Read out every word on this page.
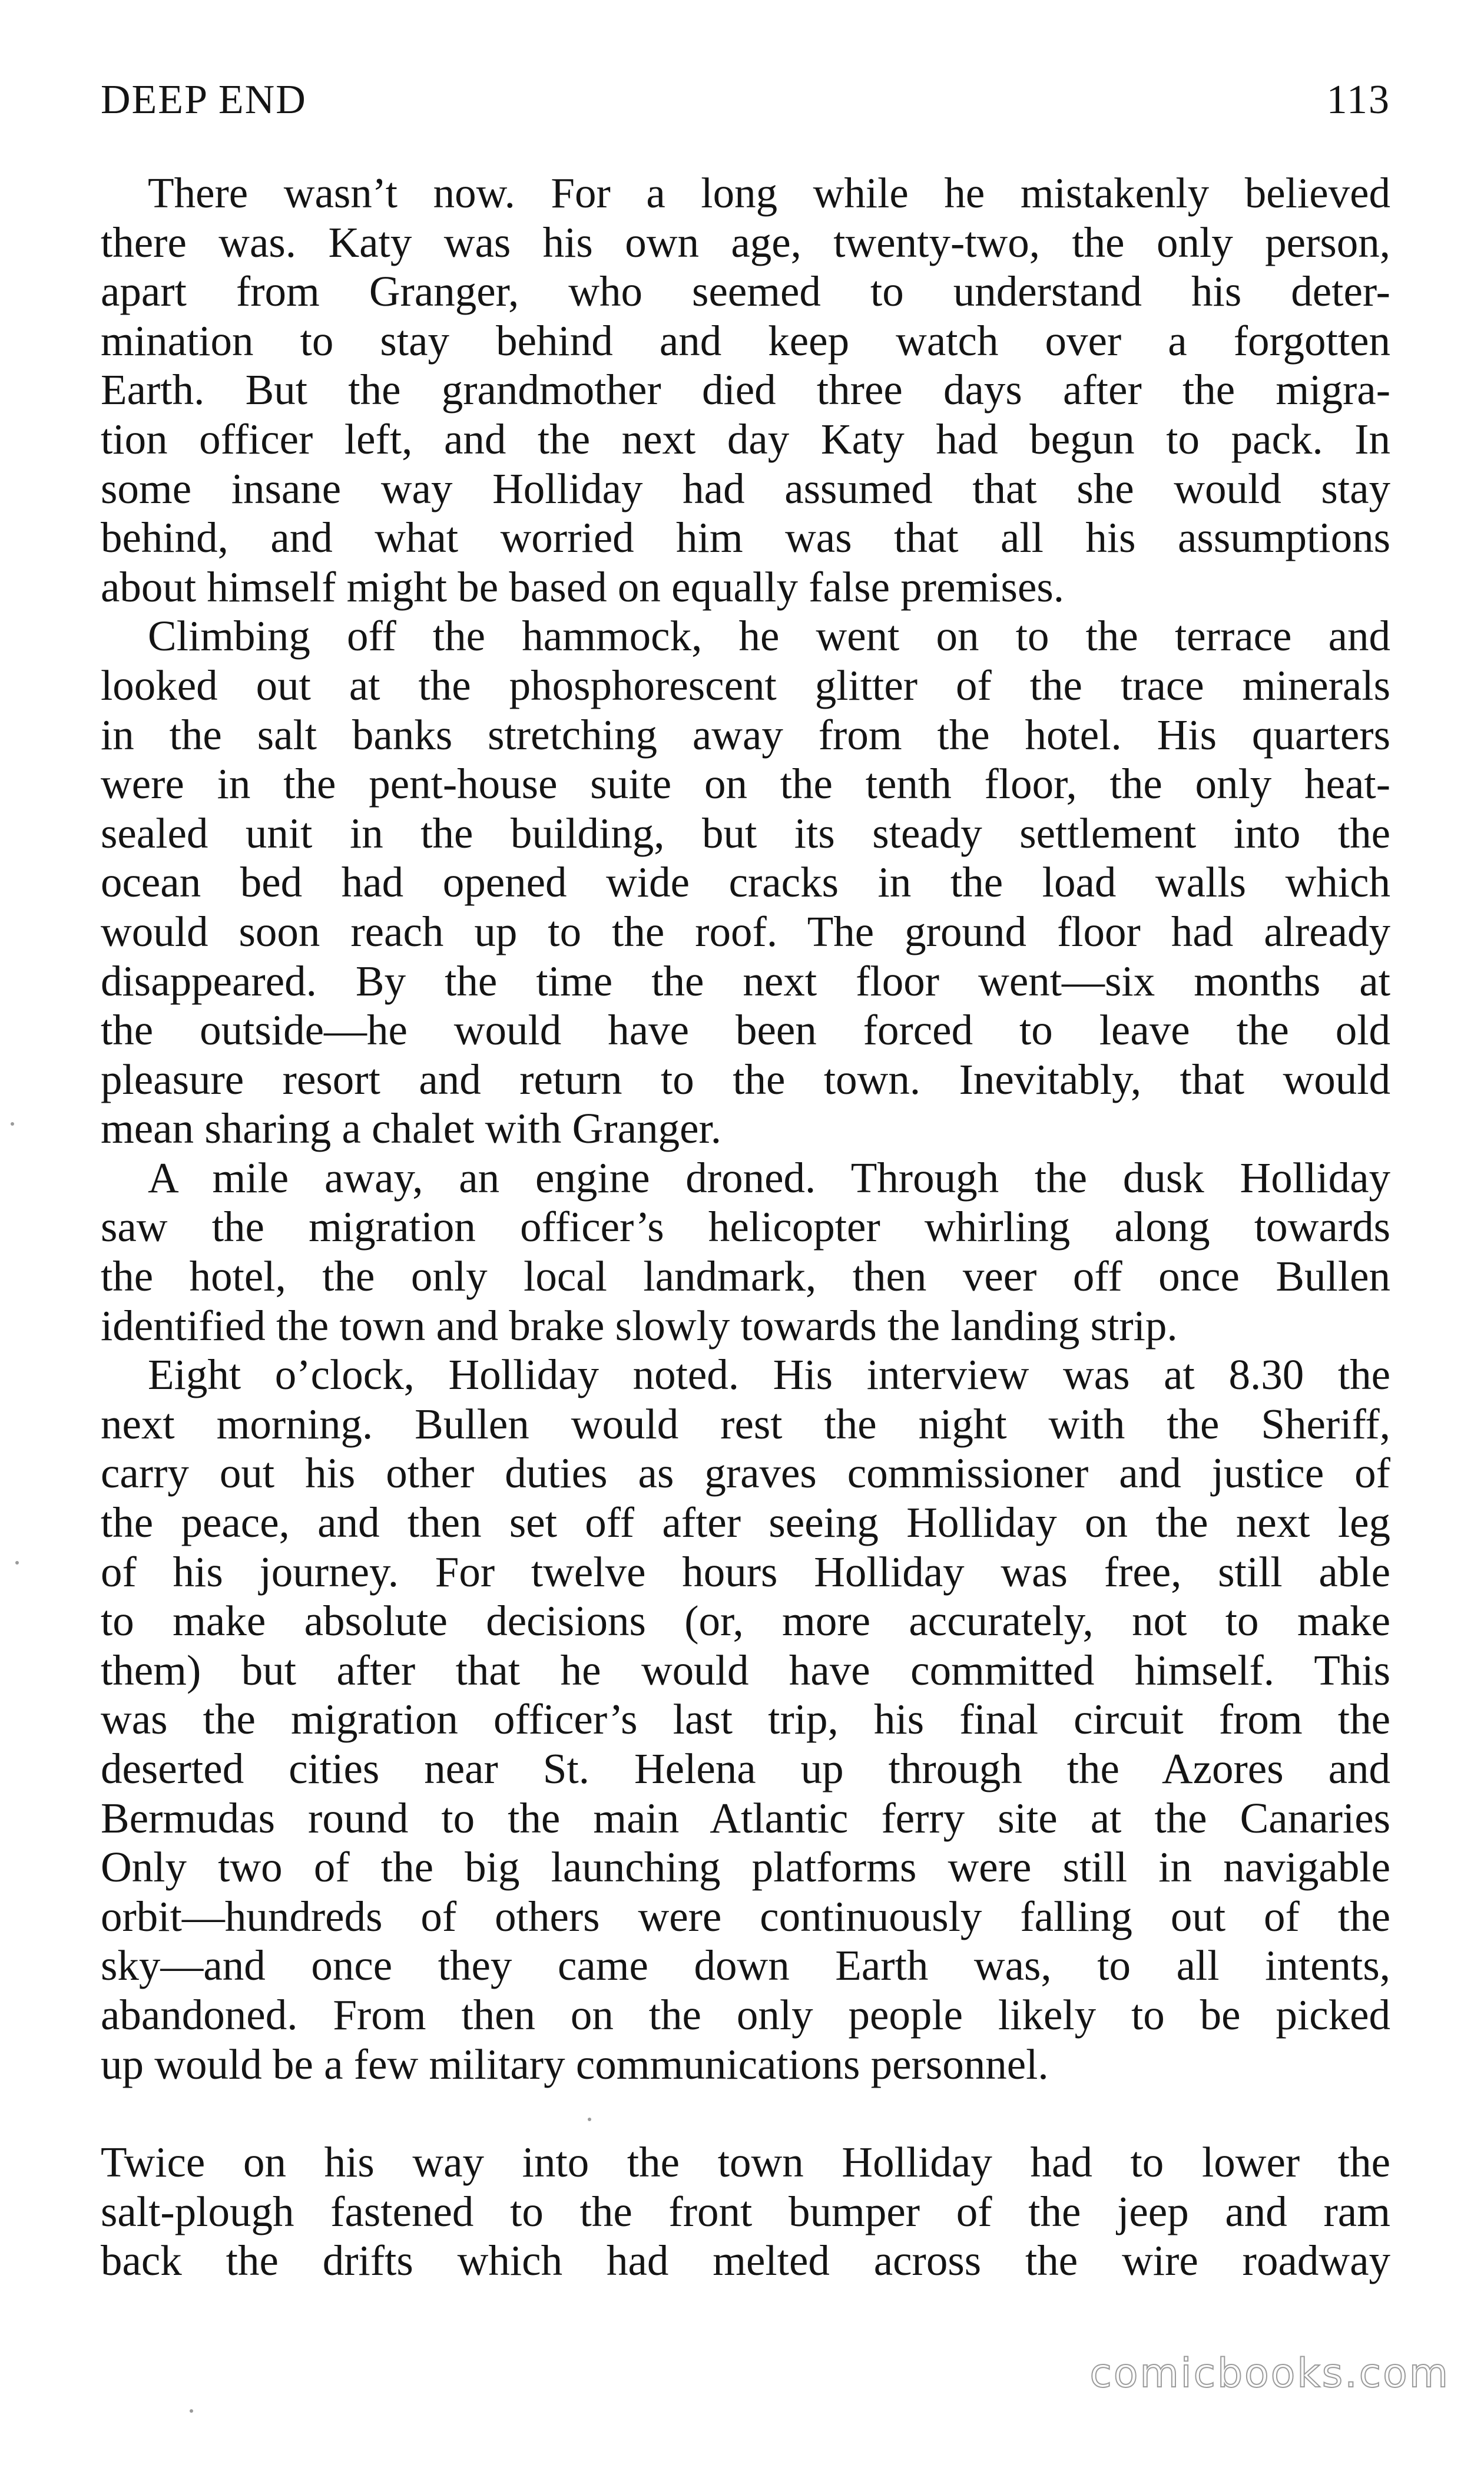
DEEP END	113

There wasn’t now. For a long while he mistakenly believed
there was. Katy was his own age, twenty-two, the only person,
apart from Granger, who seemed to understand his deter-
mination to stay behind and keep watch over a forgotten
Earth. But the grandmother died three days after the migra-
tion officer left, and the next day Katy had begun to pack. In
some insane way Holliday had assumed that she would stay
behind, and what worried him was that all his assumptions
about himself might be based on equally false premises.

Climbing off the hammock, he went on to the terrace and
looked out at the phosphorescent glitter of the trace minerals
in the salt banks stretching away from the hotel. His quarters
were in the pent-house suite on the tenth floor, the only heat-
sealed unit in the building, but its steady settlement into the
ocean bed had opened wide cracks in the load walls which
would soon reach up to the roof. The ground floor had already
disappeared. By the time the next floor went—six months at
the outside—he would have been forced to leave the old
pleasure resort and return to the town. Inevitably, that would
mean sharing a chalet with Granger.

A mile away, an engine droned. Through the dusk Holliday
saw the migration officer’s helicopter whirling along towards
the hotel, the only local landmark, then veer off once Bullen
identified the town and brake slowly towards the landing strip.

Eight o’clock, Holliday noted. His interview was at 8.30 the
next morning. Bullen would rest the night with the Sheriff,
carry out his other duties as graves commissioner and justice of
the peace, and then set off after seeing Holliday on the next leg
of his journey. For twelve hours Holliday was free, still able
to make absolute decisions (or, more accurately, not to make
them) but after that he would have committed himself. This
was the migration officer’s last trip, his final circuit from the
deserted cities near St. Helena up through the Azores and
Bermudas round to the main Atlantic ferry site at the Canaries
Only two of the big launching platforms were still in navigable
orbit—hundreds of others were continuously falling out of the
sky—and once they came down Earth was, to all intents,
abandoned. From then on the only people likely to be picked
up would be a few military communications personnel.

Twice on his way into the town Holliday had to lower the
salt-plough fastened to the front bumper of the jeep and ram
back the drifts which had melted across the wire roadway

comicbooks.com
